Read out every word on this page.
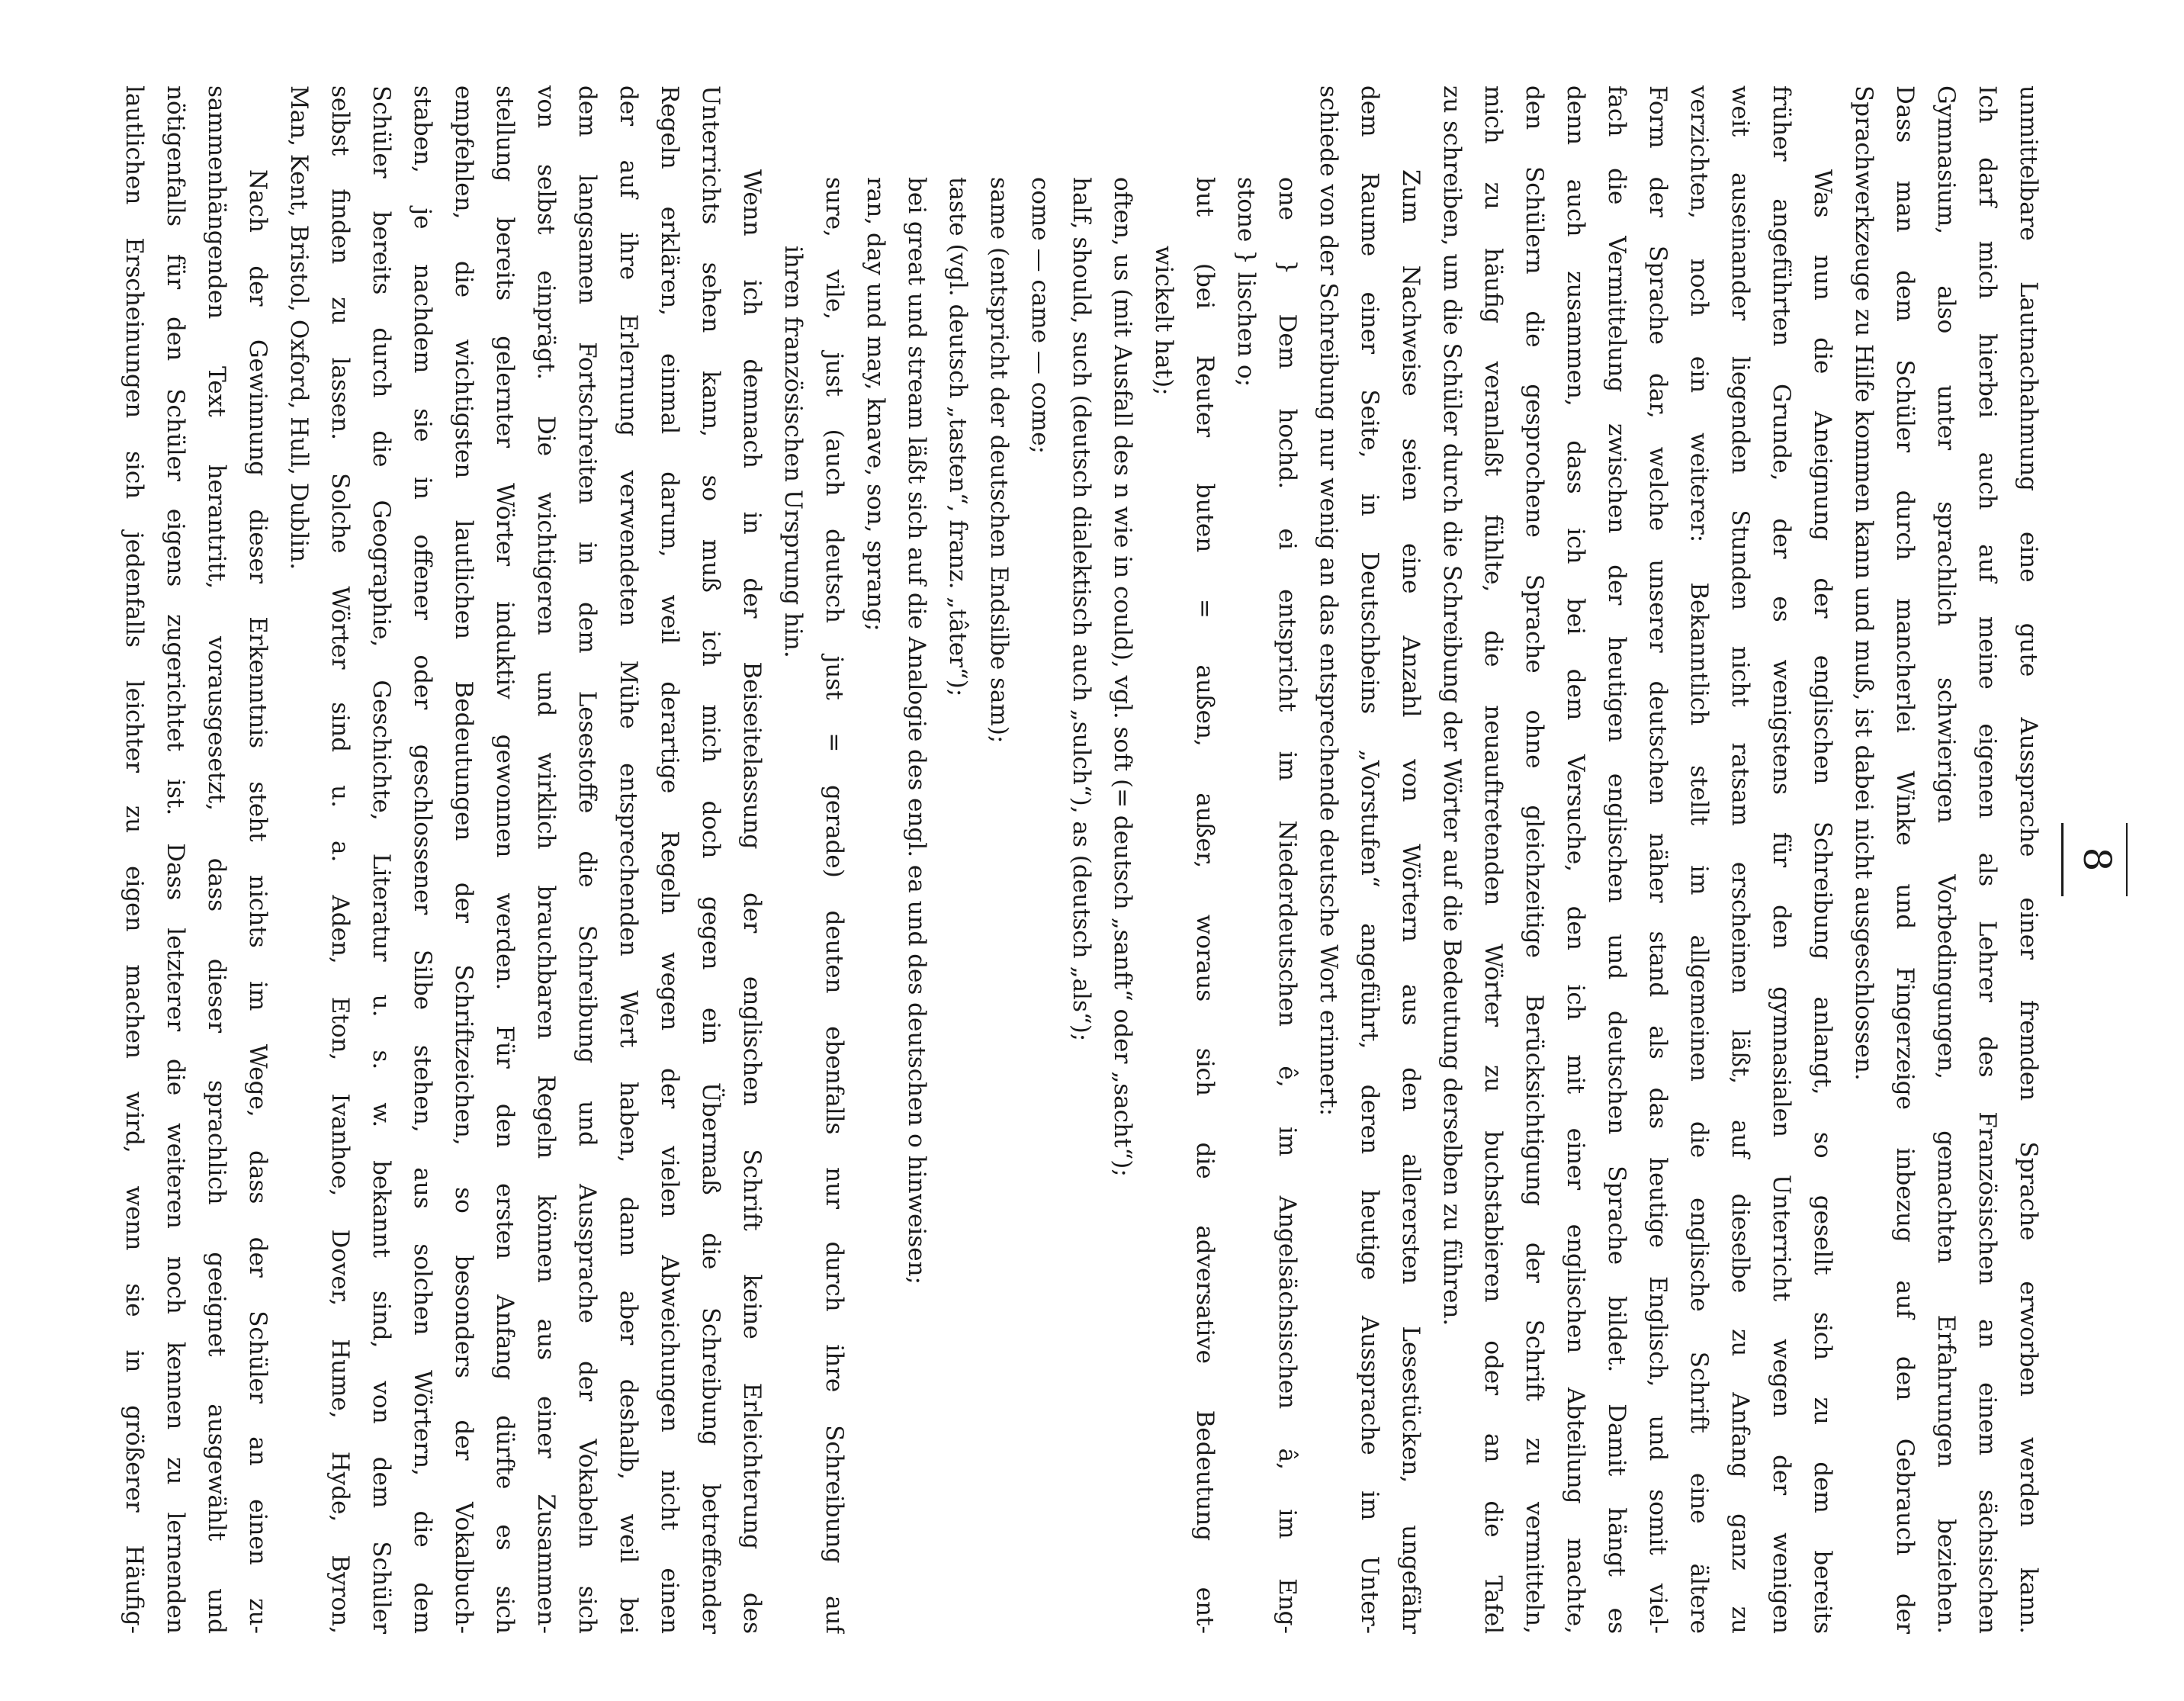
8
unmittelbare Lautnachahmung eine gute Aussprache einer fremden Sprache erworben werden kann.
Ich darf mich hierbei auch auf meine eigenen als Lehrer des Französischen an einem sächsischen
Gymnasium, also unter sprachlich schwierigen Vorbedingungen, gemachten Erfahrungen beziehen.
Dass man dem Schüler durch mancherlei Winke und Fingerzeige inbezug auf den Gebrauch der
Sprachwerkzeuge zu Hilfe kommen kann und muß, ist dabei nicht ausgeschlossen.
Was nun die Aneignung der englischen Schreibung anlangt, so gesellt sich zu dem bereits
früher angeführten Grunde, der es wenigstens für den gymnasialen Unterricht wegen der wenigen
weit auseinander liegenden Stunden nicht ratsam erscheinen läßt, auf dieselbe zu Anfang ganz zu
verzichten, noch ein weiterer: Bekanntlich stellt im allgemeinen die englische Schrift eine ältere
Form der Sprache dar, welche unserer deutschen näher stand als das heutige Englisch, und somit viel-
fach die Vermittelung zwischen der heutigen englischen und deutschen Sprache bildet. Damit hängt es
denn auch zusammen, dass ich bei dem Versuche, den ich mit einer englischen Abteilung machte,
den Schülern die gesprochene Sprache ohne gleichzeitige Berücksichtigung der Schrift zu vermitteln,
mich zu häufig veranlaßt fühlte, die neuauftretenden Wörter zu buchstabieren oder an die Tafel
zu schreiben, um die Schüler durch die Schreibung der Wörter auf die Bedeutung derselben zu führen.
Zum Nachweise seien eine Anzahl von Wörtern aus den allerersten Lesestücken, ungefähr
dem Raume einer Seite, in Deutschbeins „Vorstufen“ angeführt, deren heutige Aussprache im Unter-
schiede von der Schreibung nur wenig an das entsprechende deutsche Wort erinnert:
one } Dem hochd. ei entspricht im Niederdeutschen ê, im Angelsächsischen â, im Eng-
stone } lischen o;
but (bei Reuter buten = außen, außer, woraus sich die adversative Bedeutung ent-
wickelt hat);
often, us (mit Ausfall des n wie in could), vgl. soft (= deutsch „sanft“ oder „sacht“);
half, should, such (deutsch dialektisch auch „sulch“), as (deutsch „als“);
come — came — come;
same (entspricht der deutschen Endsilbe sam);
taste (vgl. deutsch „tasten“, franz. „tâter“);
bei great und stream läßt sich auf die Analogie des engl. ea und des deutschen o hinweisen;
ran, day und may, knave, son, sprang;
sure, vile, just (auch deutsch just = gerade) deuten ebenfalls nur durch ihre Schreibung auf
ihren französischen Ursprung hin.
Wenn ich demnach in der Beiseitelassung der englischen Schrift keine Erleichterung des
Unterrichts sehen kann, so muß ich mich doch gegen ein Übermaß die Schreibung betreffender
Regeln erklären, einmal darum, weil derartige Regeln wegen der vielen Abweichungen nicht einen
der auf ihre Erlernung verwendeten Mühe entsprechenden Wert haben, dann aber deshalb, weil bei
dem langsamen Fortschreiten in dem Lesestoffe die Schreibung und Aussprache der Vokabeln sich
von selbst einprägt. Die wichtigeren und wirklich brauchbaren Regeln können aus einer Zusammen-
stellung bereits gelernter Wörter induktiv gewonnen werden. Für den ersten Anfang dürfte es sich
empfehlen, die wichtigsten lautlichen Bedeutungen der Schriftzeichen, so besonders der Vokalbuch-
staben, je nachdem sie in offener oder geschlossener Silbe stehen, aus solchen Wörtern, die dem
Schüler bereits durch die Geographie, Geschichte, Literatur u. s. w. bekannt sind, von dem Schüler
selbst finden zu lassen. Solche Wörter sind u. a. Aden, Eton, Ivanhoe, Dover, Hume, Hyde, Byron,
Man, Kent, Bristol, Oxford, Hull, Dublin.
Nach der Gewinnung dieser Erkenntnis steht nichts im Wege, dass der Schüler an einen zu-
sammenhängenden Text herantritt, vorausgesetzt, dass dieser sprachlich geeignet ausgewählt und
nötigenfalls für den Schüler eigens zugerichtet ist. Dass letzterer die weiteren noch kennen zu lernenden
lautlichen Erscheinungen sich jedenfalls leichter zu eigen machen wird, wenn sie in größerer Häufig-
